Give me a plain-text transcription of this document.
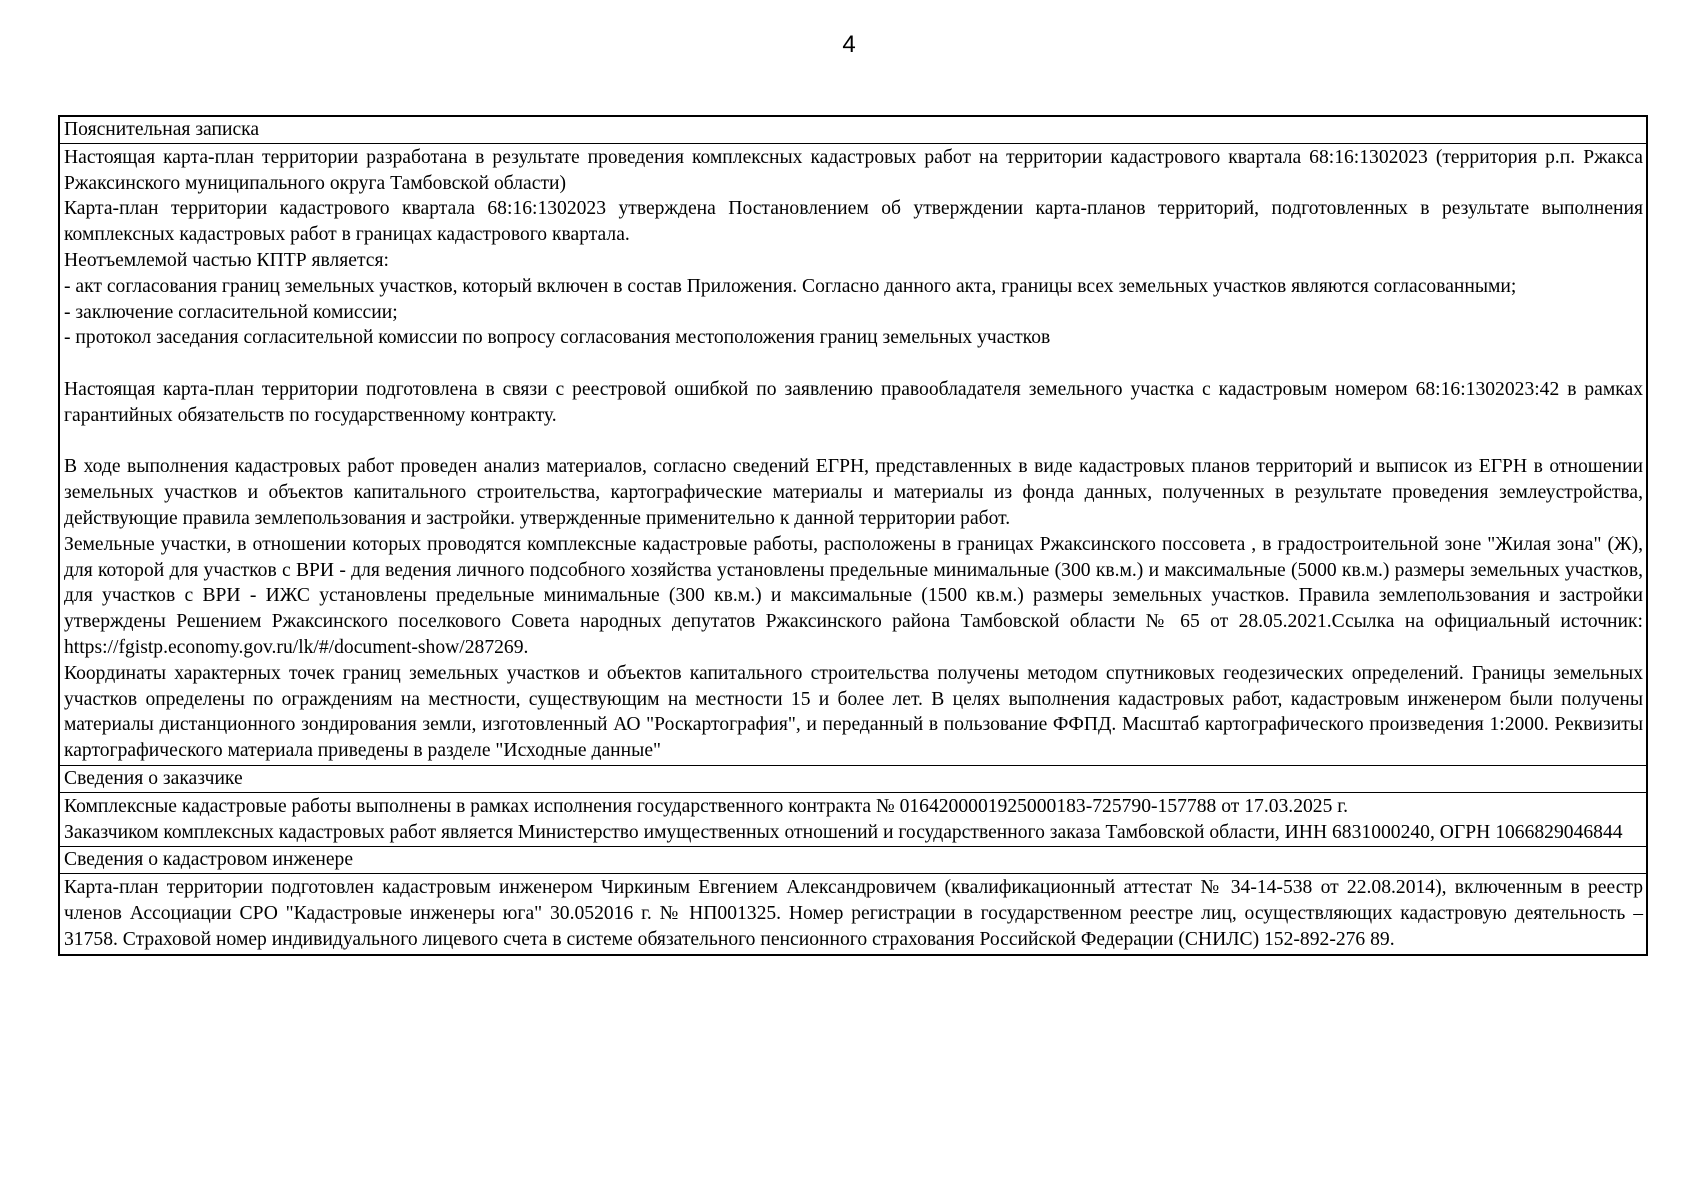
4

Пояснительная записка

Настоящая карта-план территории разработана в результате проведения комплексных кадастровых работ на территории кадастрового квартала 68:16:1302023 (территория р.п. Ржакса Ржаксинского муниципального округа Тамбовской области)

Карта-план территории кадастрового квартала 68:16:1302023 утверждена Постановлением об утверждении карта-планов территорий, подготовленных в результате выполнения комплексных кадастровых работ в границах кадастрового квартала.

Неотъемлемой частью КПТР является:

- акт согласования границ земельных участков, который включен в состав Приложения. Согласно данного акта, границы всех земельных участков являются согласованными;

- заключение согласительной комиссии;

- протокол заседания согласительной комиссии по вопросу согласования местоположения границ земельных участков

Настоящая карта-план территории подготовлена в связи с реестровой ошибкой по заявлению правообладателя земельного участка с кадастровым номером 68:16:1302023:42 в рамках гарантийных обязательств по государственному контракту.

В ходе выполнения кадастровых работ проведен анализ материалов, согласно сведений ЕГРН, представленных в виде кадастровых планов территорий и выписок из ЕГРН в отношении земельных участков и объектов капитального строительства, картографические материалы и материалы из фонда данных, полученных в результате проведения землеустройства, действующие правила землепользования и застройки. утвержденные применительно к данной территории работ.

Земельные участки, в отношении которых проводятся комплексные кадастровые работы, расположены в границах Ржаксинского поссовета , в градостроительной зоне "Жилая зона" (Ж), для которой для участков с ВРИ - для ведения личного подсобного хозяйства установлены предельные минимальные (300 кв.м.) и максимальные (5000 кв.м.) размеры земельных участков, для участков с ВРИ - ИЖС установлены предельные минимальные (300 кв.м.) и максимальные (1500 кв.м.) размеры земельных участков. Правила землепользования и застройки утверждены Решением Ржаксинского поселкового Совета народных депутатов Ржаксинского района Тамбовской области № 65 от 28.05.2021.Ссылка на официальный источник: https://fgistp.economy.gov.ru/lk/#/document-show/287269.

Координаты характерных точек границ земельных участков и объектов капитального строительства получены методом спутниковых геодезических определений. Границы земельных участков определены по ограждениям на местности, существующим на местности 15 и более лет. В целях выполнения кадастровых работ, кадастровым инженером были получены материалы дистанционного зондирования земли, изготовленный АО "Роскартография", и переданный в пользование ФФПД. Масштаб картографического произведения 1:2000. Реквизиты картографического материала приведены в разделе "Исходные данные"

Сведения о заказчике

Комплексные кадастровые работы выполнены в рамках исполнения государственного контракта № 0164200001925000183-725790-157788 от 17.03.2025 г.

Заказчиком комплексных кадастровых работ является Министерство имущественных отношений и государственного заказа Тамбовской области, ИНН 6831000240, ОГРН 1066829046844

Сведения о кадастровом инженере

Карта-план территории подготовлен кадастровым инженером Чиркиным Евгением Александровичем (квалификационный аттестат № 34-14-538 от 22.08.2014), включенным в реестр членов Ассоциации СРО "Кадастровые инженеры юга" 30.052016 г. № НП001325. Номер регистрации в государственном реестре лиц, осуществляющих кадастровую деятельность – 31758. Страховой номер индивидуального лицевого счета в системе обязательного пенсионного страхования Российской Федерации (СНИЛС) 152-892-276 89.
